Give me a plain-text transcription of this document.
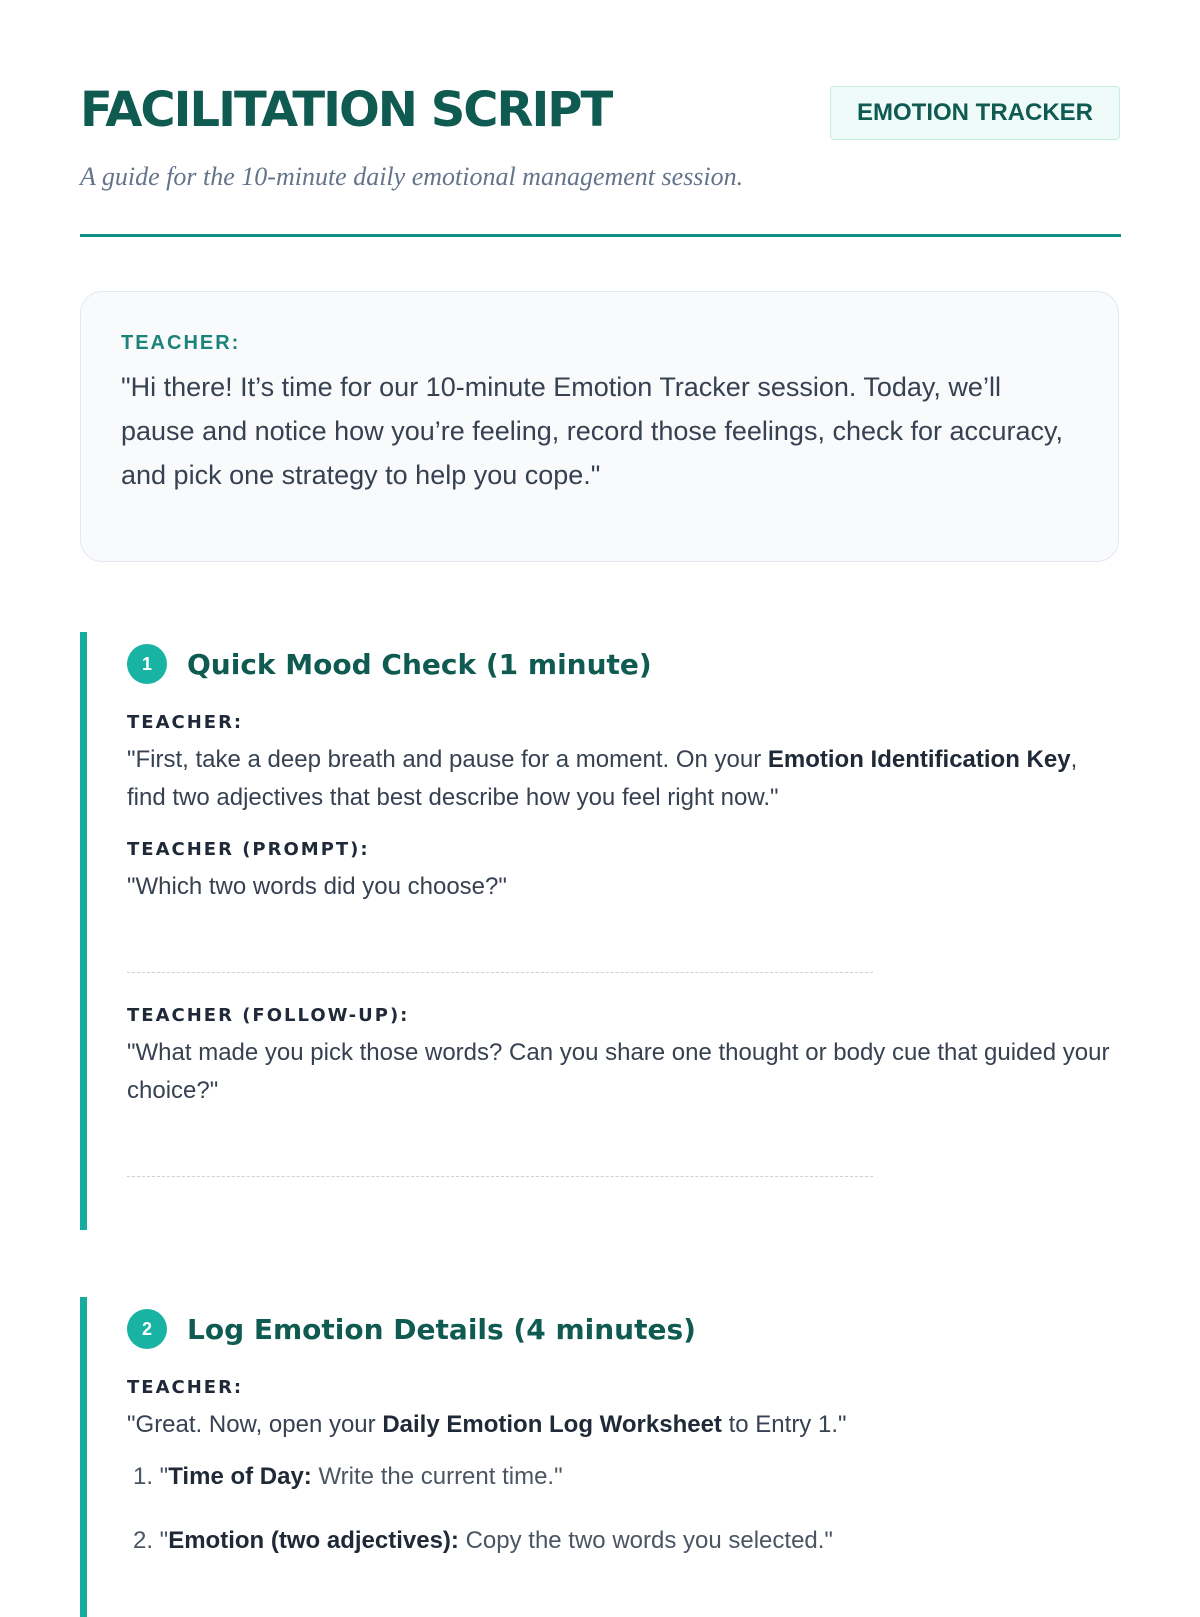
FACILITATION SCRIPT	EMOTION TRACKER

A guide for the 10-minute daily emotional management session.

TEACHER:
"Hi there! It’s time for our 10-minute Emotion Tracker session. Today, we’ll pause and notice how you’re feeling, record those feelings, check for accuracy, and pick one strategy to help you cope."
1	Quick Mood Check (1 minute)
TEACHER:
"First, take a deep breath and pause for a moment. On your Emotion Identification Key, find two adjectives that best describe how you feel right now."
TEACHER (PROMPT):
"Which two words did you choose?"
TEACHER (FOLLOW-UP):
"What made you pick those words? Can you share one thought or body cue that guided your choice?"
2	Log Emotion Details (4 minutes)
TEACHER:
"Great. Now, open your Daily Emotion Log Worksheet to Entry 1."
1. "Time of Day: Write the current time."
2. "Emotion (two adjectives): Copy the two words you selected."
